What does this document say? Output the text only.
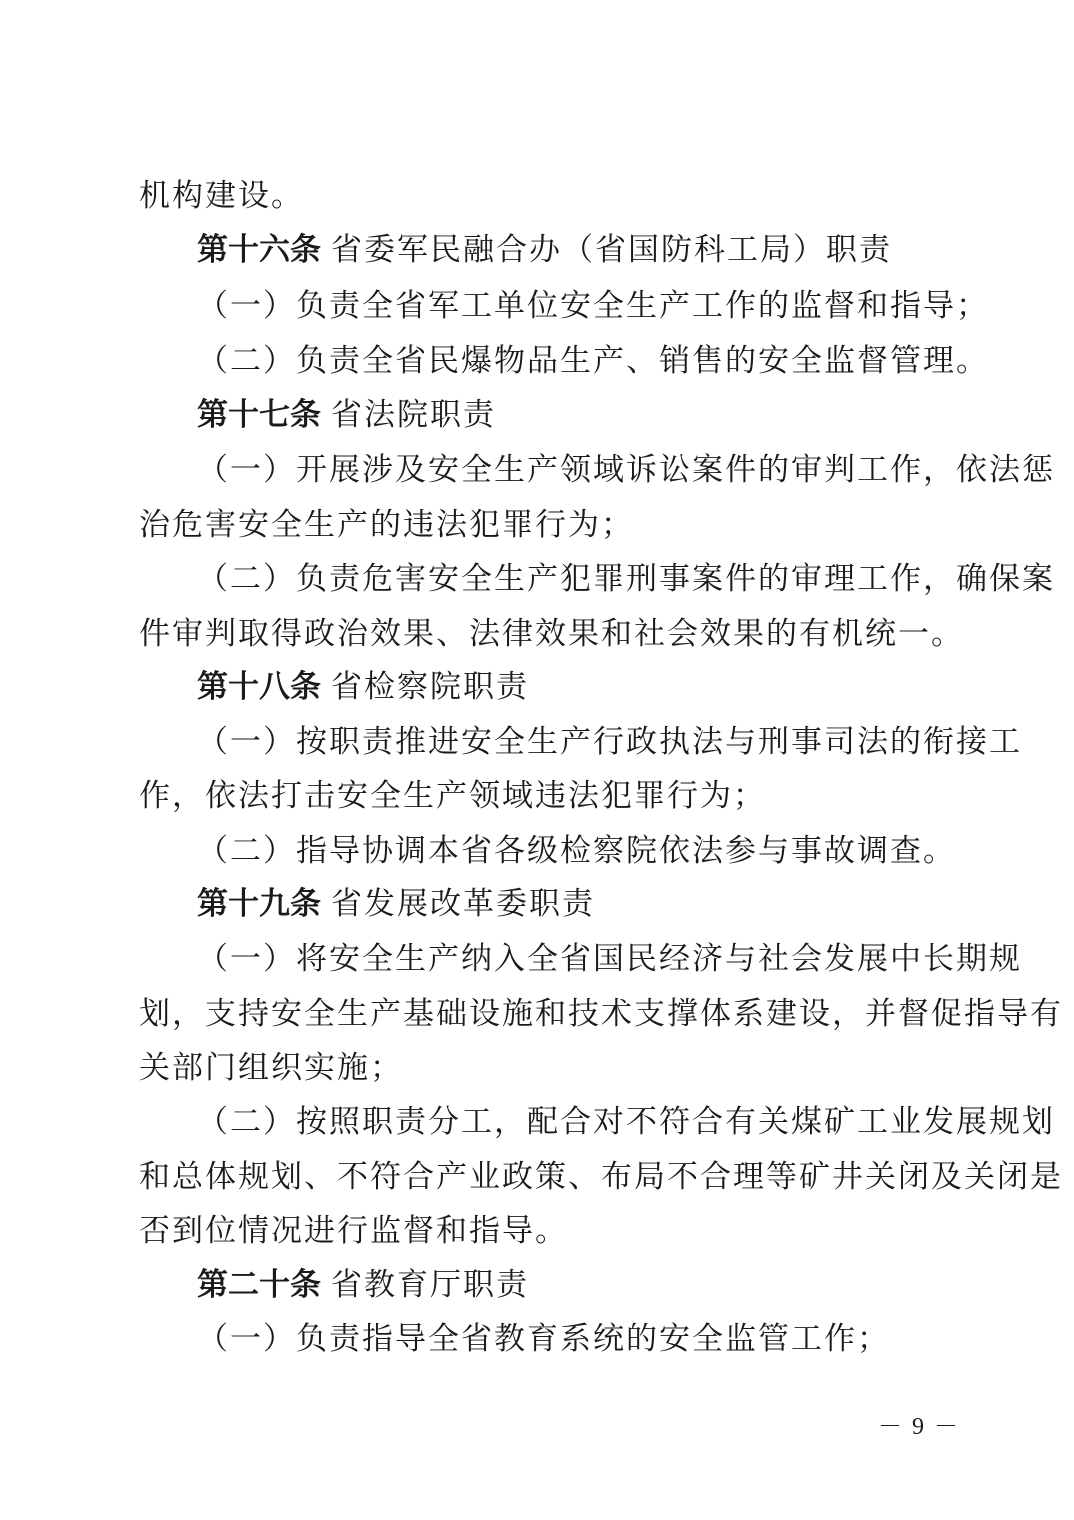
机构建设。
第十六条 省委军民融合办（省国防科工局）职责
（一）负责全省军工单位安全生产工作的监督和指导；
（二）负责全省民爆物品生产、销售的安全监督管理。
第十七条 省法院职责
（一）开展涉及安全生产领域诉讼案件的审判工作，依法惩
治危害安全生产的违法犯罪行为；
（二）负责危害安全生产犯罪刑事案件的审理工作，确保案
件审判取得政治效果、法律效果和社会效果的有机统一。
第十八条 省检察院职责
（一）按职责推进安全生产行政执法与刑事司法的衔接工
作，依法打击安全生产领域违法犯罪行为；
（二）指导协调本省各级检察院依法参与事故调查。
第十九条 省发展改革委职责
（一）将安全生产纳入全省国民经济与社会发展中长期规
划，支持安全生产基础设施和技术支撑体系建设，并督促指导有
关部门组织实施；
（二）按照职责分工，配合对不符合有关煤矿工业发展规划
和总体规划、不符合产业政策、布局不合理等矿井关闭及关闭是
否到位情况进行监督和指导。
第二十条 省教育厅职责
（一）负责指导全省教育系统的安全监管工作；
－ 9 －
